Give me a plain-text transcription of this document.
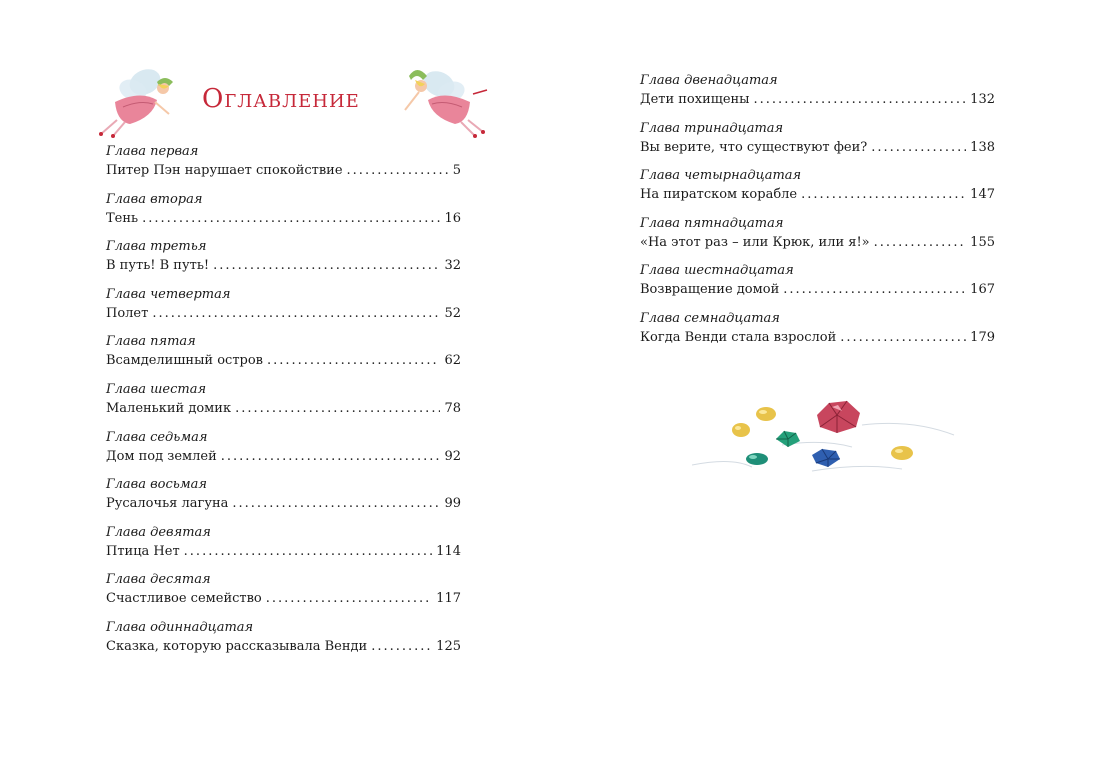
Оглавление
Глава первая
Питер Пэн нарушает спокойствие .....	5
Глава вторая
Тень .....	16
Глава третья
В путь! В путь! .....	32
Глава четвертая
Полет .....	52
Глава пятая
Всамделишный остров .....	62
Глава шестая
Маленький домик .....	78
Глава седьмая
Дом под землей .....	92
Глава восьмая
Русалочья лагуна .....	99
Глава девятая
Птица Нет .....	114
Глава десятая
Счастливое семейство .....	117
Глава одиннадцатая
Сказка, которую рассказывала Венди .....	125
Глава двенадцатая
Дети похищены .....	132
Глава тринадцатая
Вы верите, что существуют феи? .....	138
Глава четырнадцатая
На пиратском корабле .....	147
Глава пятнадцатая
«На этот раз – или Крюк, или я!» .....	155
Глава шестнадцатая
Возвращение домой .....	167
Глава семнадцатая
Когда Венди стала взрослой .....	179
